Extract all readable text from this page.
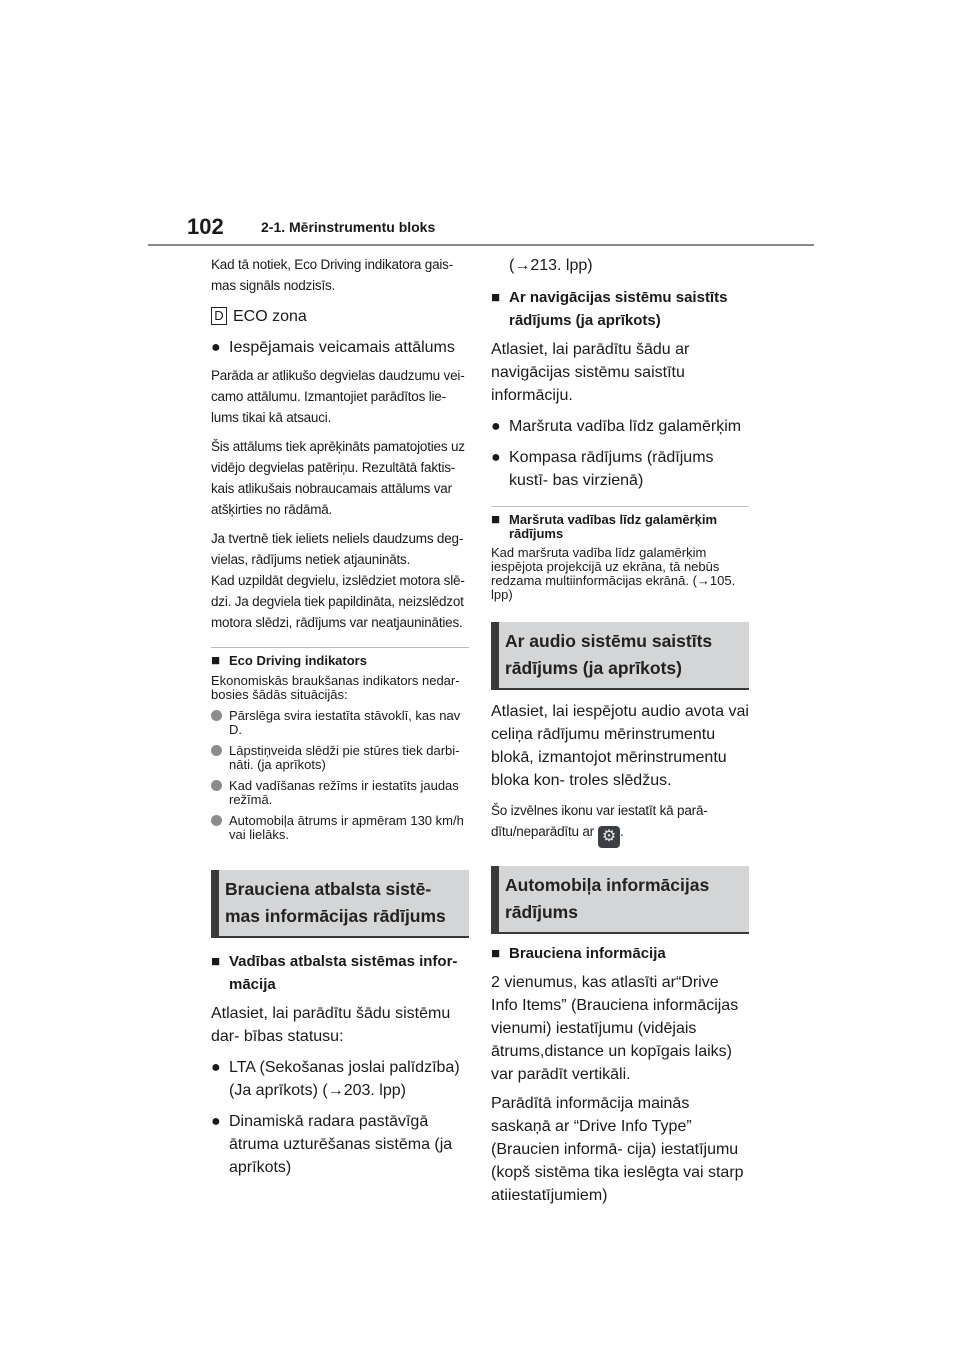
102	2-1. Mērinstrumentu bloks

Kad tā notiek, Eco Driving indikatora gais- mas signāls nodzisīs.

D ECO zona

● Iespējamais veicamais attālums

Parāda ar atlikušo degvielas daudzumu vei- camo attālumu. Izmantojiet parādītos lie- lums tikai kā atsauci.

Šis attālums tiek aprēķināts pamatojoties uz vidējo degvielas patēriņu. Rezultātā faktis- kais atlikušais nobraucamais attālums var atšķirties no rādāmā.

Ja tvertnē tiek ieliets neliels daudzums deg- vielas, rādījums netiek atjaunināts.

Kad uzpildāt degvielu, izslēdziet motora slē- dzi. Ja degviela tiek papildināta, neizslēdzot motora slēdzi, rādījums var neatjaunināties.

■ Eco Driving indikators

Ekonomiskās braukšanas indikators nedar- bosies šādās situācijās:

Pārslēga svira iestatīta stāvoklī, kas nav D.
Lāpstiņveida slēdži pie stūres tiek darbi- nāti. (ja aprīkots)
Kad vadīšanas režīms ir iestatīts jaudas režīmā.
Automobiļa ātrums ir apmēram 130 km/h vai lielāks.
Brauciena atbalsta sistē- mas informācijas rādījums
■ Vadības atbalsta sistēmas infor- mācija

Atlasiet, lai parādītu šādu sistēmu dar- bības statusu:

● LTA (Sekošanas joslai palīdzība) (Ja aprīkots) (→203. lpp)

● Dinamiskā radara pastāvīgā ātruma uzturēšanas sistēma (ja aprīkots)

(→213. lpp)

■ Ar navigācijas sistēmu saistīts rādījums (ja aprīkots)

Atlasiet, lai parādītu šādu ar navigācijas sistēmu saistītu informāciju.

● Maršruta vadība līdz galamērķim

● Kompasa rādījums (rādījums kustī- bas virzienā)

■ Maršruta vadības līdz galamērķim rādījums

Kad maršruta vadība līdz galamērķim iespējota projekcijā uz ekrāna, tā nebūs redzama multiinformācijas ekrānā. (→105. lpp)

Ar audio sistēmu saistīts rādījums (ja aprīkots)

Atlasiet, lai iespējotu audio avota vai celiņa rādījumu mērinstrumentu blokā, izmantojot mērinstrumentu bloka kon- troles slēdžus.

Šo izvēlnes ikonu var iestatīt kā parā- dītu/neparādītu ar ⚙ .

Automobiļa informācijas rādījums
■ Brauciena informācija

2 vienumus, kas atlasīti ar“Drive Info Items” (Brauciena informācijas vienumi) iestatījumu (vidējais ātrums,distance un kopīgais laiks) var parādīt vertikāli.

Parādītā informācija mainās saskaņā ar “Drive Info Type” (Braucien informā- cija) iestatījumu (kopš sistēma tika ieslēgta vai starp atiiestatījumiem)
